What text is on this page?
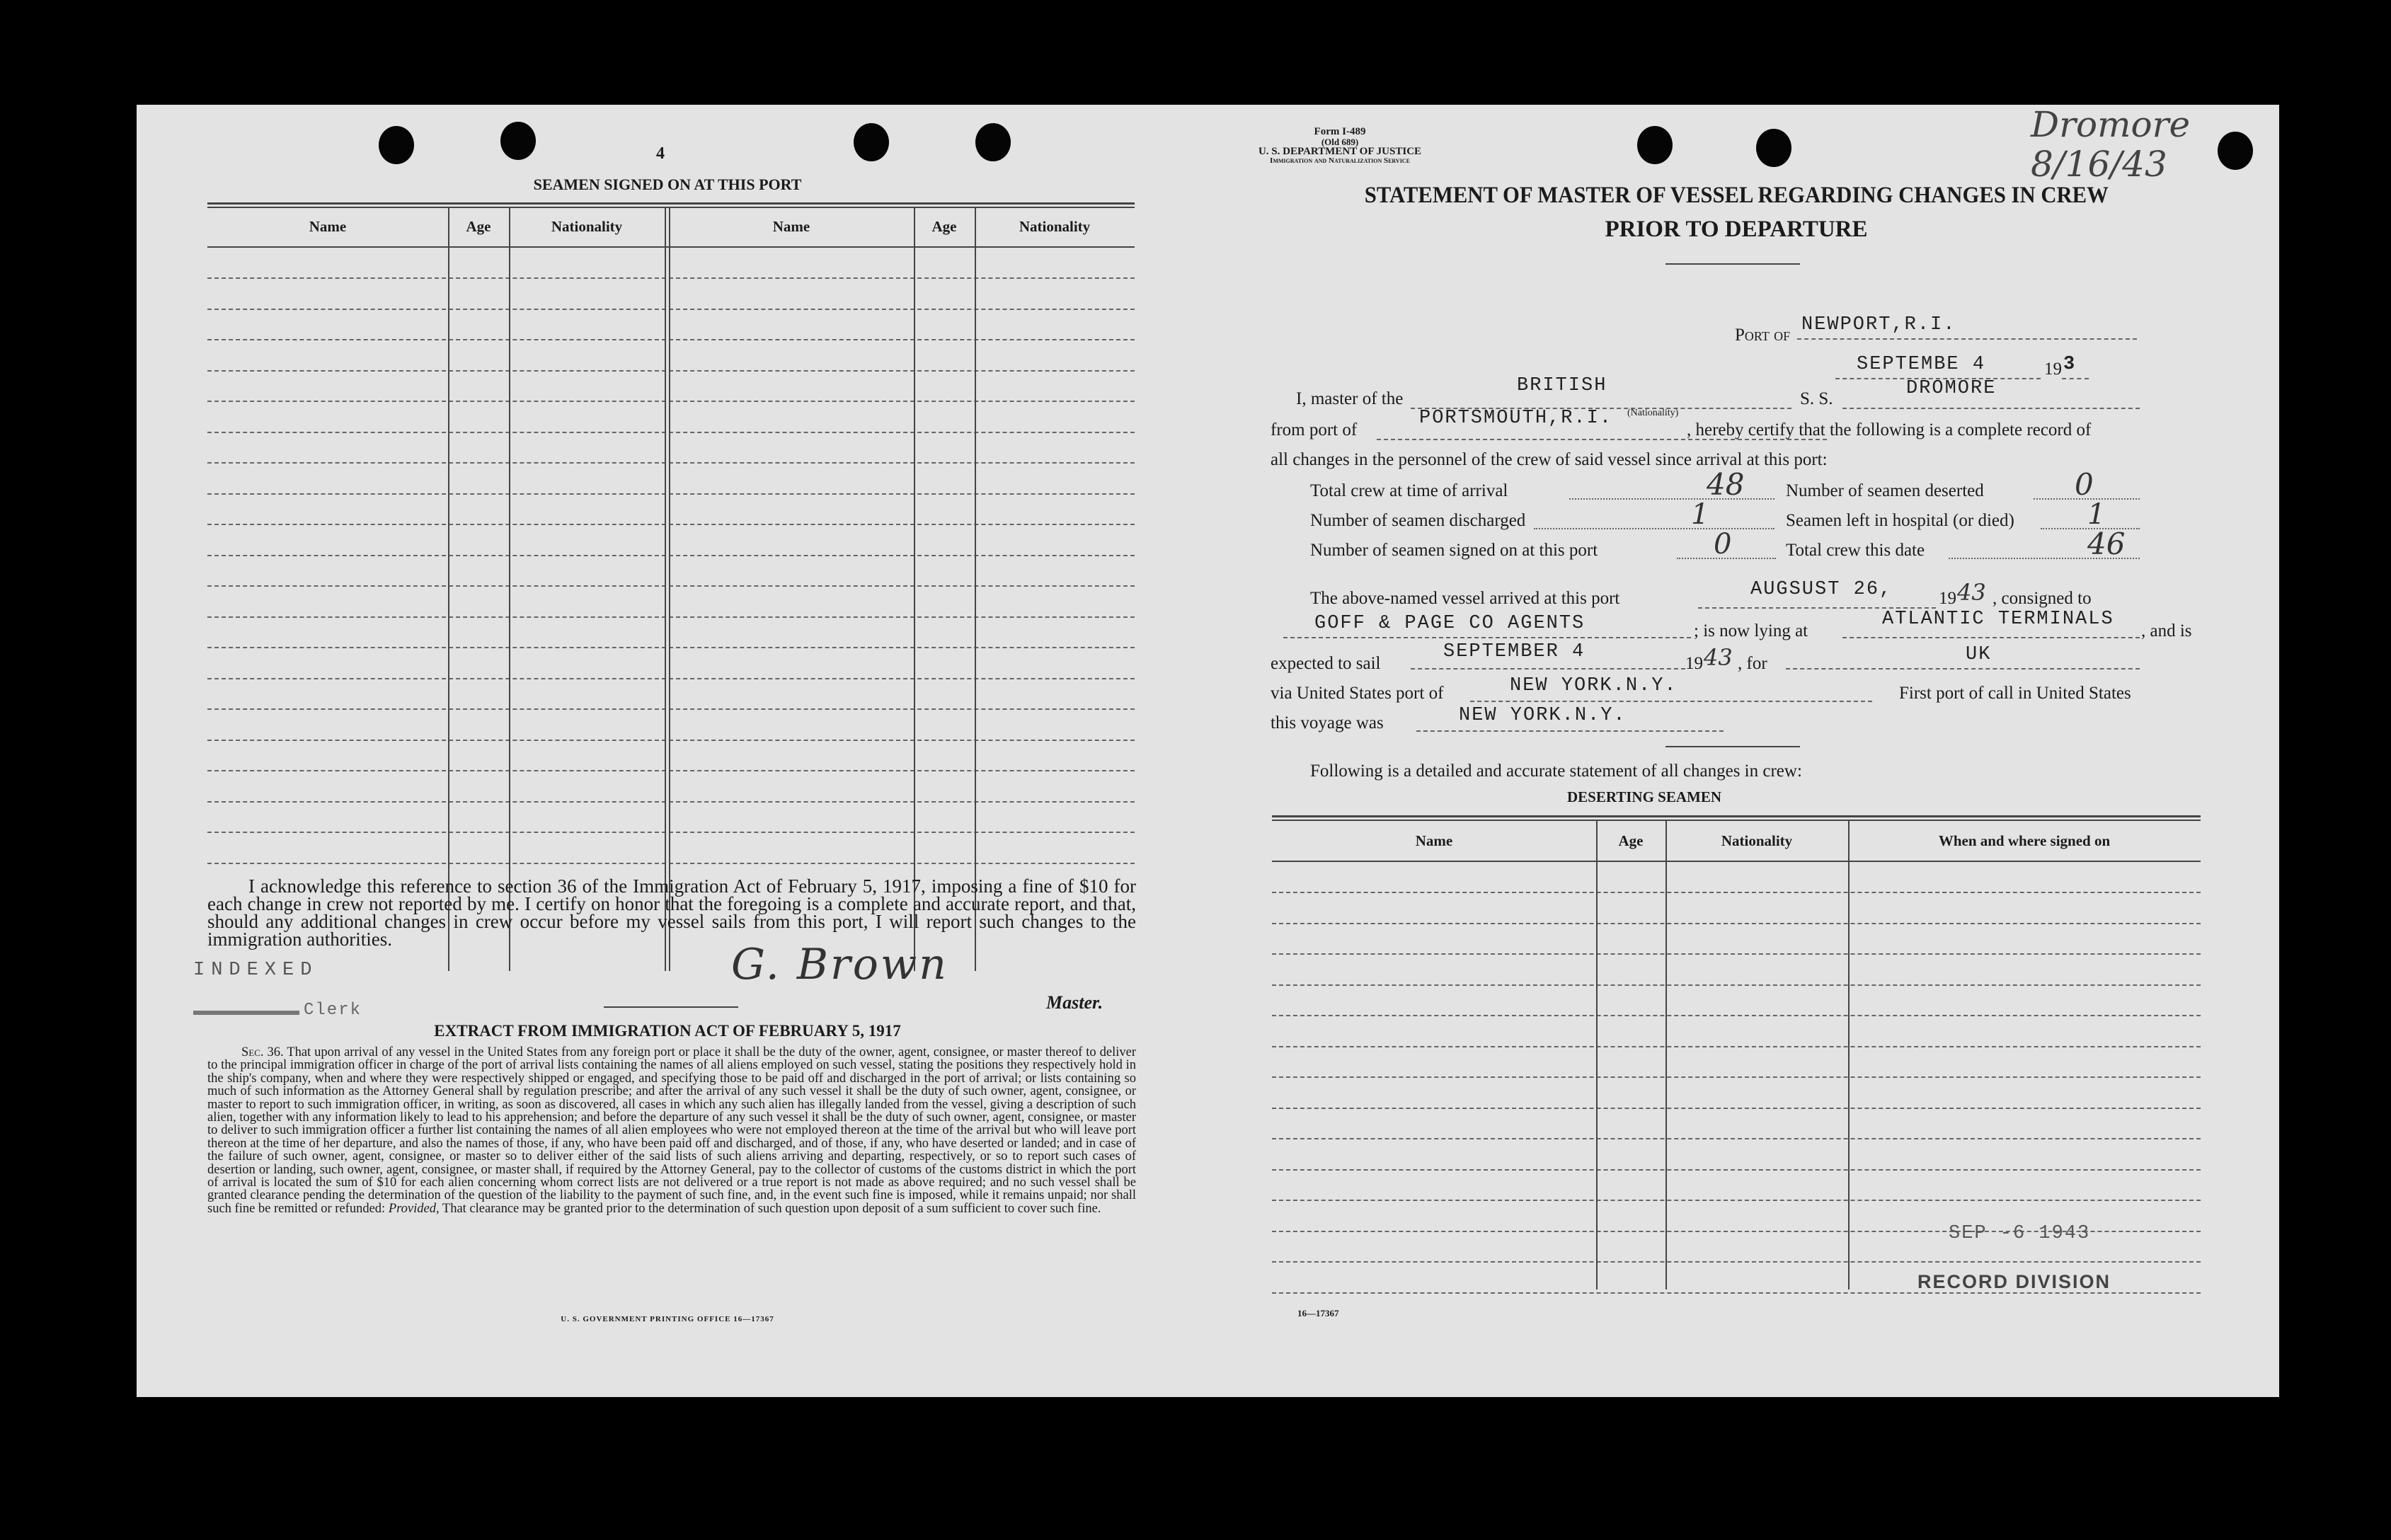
4
SEAMEN SIGNED ON AT THIS PORT
Name	Age	Nationality	Name	Age	Nationality
I acknowledge this reference to section 36 of the Immigration Act of February 5, 1917, imposing a fine of $10 for each change in crew not reported by me. I certify on honor that the foregoing is a complete and accurate report, and that, should any additional changes in crew occur before my vessel sails from this port, I will report such changes to the immigration authorities.
INDEXED
Clerk
G. Brown
Master.
EXTRACT FROM IMMIGRATION ACT OF FEBRUARY 5, 1917
Sec. 36. That upon arrival of any vessel in the United States from any foreign port or place it shall be the duty of the owner, agent, consignee, or master thereof to deliver to the principal immigration officer in charge of the port of arrival lists containing the names of all aliens employed on such vessel, stating the positions they respectively hold in the ship's company, when and where they were respectively shipped or engaged, and specifying those to be paid off and discharged in the port of arrival; or lists containing so much of such information as the Attorney General shall by regulation prescribe; and after the arrival of any such vessel it shall be the duty of such owner, agent, consignee, or master to report to such immigration officer, in writing, as soon as discovered, all cases in which any such alien has illegally landed from the vessel, giving a description of such alien, together with any information likely to lead to his apprehension; and before the departure of any such vessel it shall be the duty of such owner, agent, consignee, or master to deliver to such immigration officer a further list containing the names of all alien employees who were not employed thereon at the time of the arrival but who will leave port thereon at the time of her departure, and also the names of those, if any, who have been paid off and discharged, and of those, if any, who have deserted or landed; and in case of the failure of such owner, agent, consignee, or master so to deliver either of the said lists of such aliens arriving and departing, respectively, or so to report such cases of desertion or landing, such owner, agent, consignee, or master shall, if required by the Attorney General, pay to the collector of customs of the customs district in which the port of arrival is located the sum of $10 for each alien concerning whom correct lists are not delivered or a true report is not made as above required; and no such vessel shall be granted clearance pending the determination of the question of the liability to the payment of such fine, and, in the event such fine is imposed, while it remains unpaid; nor shall such fine be remitted or refunded: Provided, That clearance may be granted prior to the determination of such question upon deposit of a sum sufficient to cover such fine.
U. S. GOVERNMENT PRINTING OFFICE 16—17367
Form I-489
(Old 689)
U. S. DEPARTMENT OF JUSTICE
Immigration and Naturalization Service
Dromore 8/16/43
STATEMENT OF MASTER OF VESSEL REGARDING CHANGES IN CREW
PRIOR TO DEPARTURE
Port of NEWPORT,R.I.
SEPTEMBE 4	19 3
I, master of the
BRITISH
S. S.	DROMORE
from port of
PORTSMOUTH,R.I. (Nationality)
, hereby certify that the following is a complete record of
all changes in the personnel of the crew of said vessel since arrival at this port:
Total crew at time of arrival	48 Number of seamen deserted	0
Number of seamen discharged	1	Seamen left in hospital (or died)	1
Number of seamen signed on at this port	0	Total crew this date	46
The above-named vessel arrived at this port	AUGSUST 26,	19 43 , consigned to
GOFF & PAGE CO AGENTS	; is now lying at
ATLANTIC TERMINALS
, and is
expected to sail
SEPTEMBER 4
19 43 , for	UK
via United States port of	NEW YORK.N.Y.	First port of call in United States
this voyage was	NEW YORK.N.Y.
Following is a detailed and accurate statement of all changes in crew:
DESERTING SEAMEN
Name	Age	Nationality	When and where signed on
SEP -6 1943
RECORD DIVISION
16—17367
